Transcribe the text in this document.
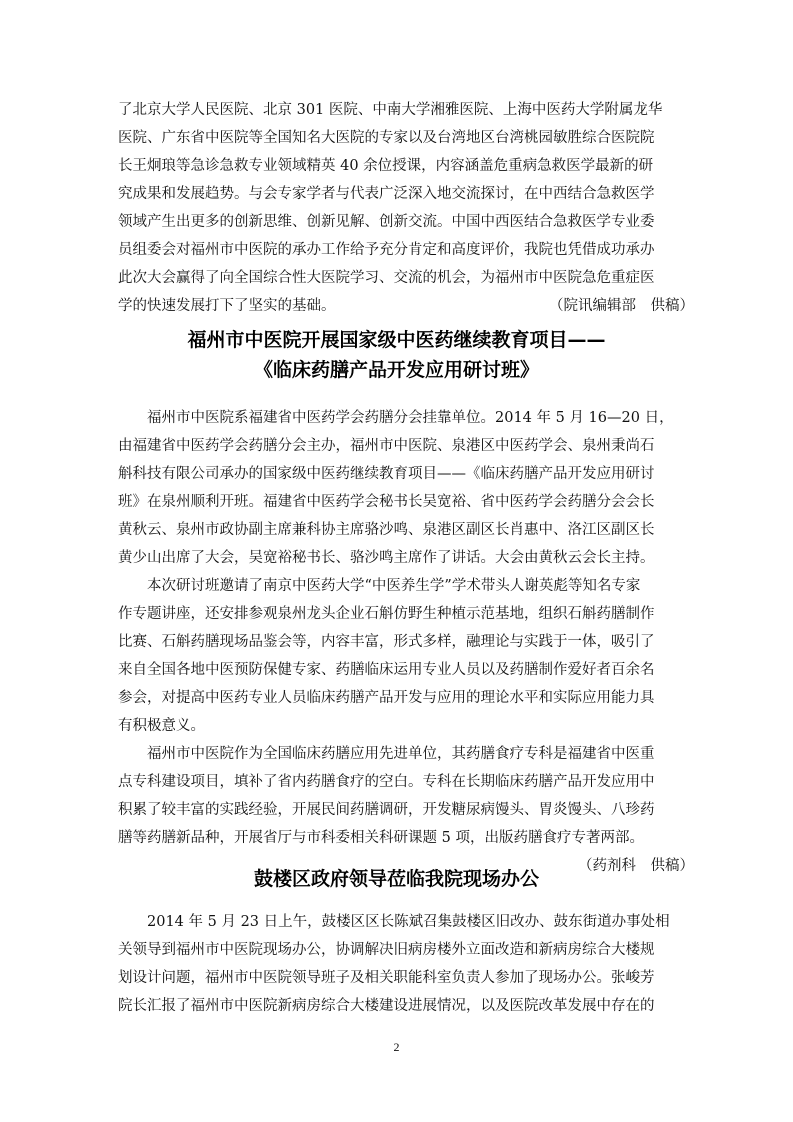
了北京大学人民医院、北京 301 医院、中南大学湘雅医院、上海中医药大学附属龙华
医院、广东省中医院等全国知名大医院的专家以及台湾地区台湾桃园敏胜综合医院院
长王炯琅等急诊急救专业领域精英 40 余位授课，内容涵盖危重病急救医学最新的研
究成果和发展趋势。与会专家学者与代表广泛深入地交流探讨，在中西结合急救医学
领域产生出更多的创新思维、创新见解、创新交流。中国中西医结合急救医学专业委
员组委会对福州市中医院的承办工作给予充分肯定和高度评价，我院也凭借成功承办
此次大会赢得了向全国综合性大医院学习、交流的机会，为福州市中医院急危重症医
学的快速发展打下了坚实的基础。	（院讯编辑部　供稿）
福州市中医院开展国家级中医药继续教育项目——
《临床药膳产品开发应用研讨班》
福州市中医院系福建省中医药学会药膳分会挂靠单位。2014 年 5 月 16—20 日，
由福建省中医药学会药膳分会主办，福州市中医院、泉港区中医药学会、泉州秉尚石
斛科技有限公司承办的国家级中医药继续教育项目——《临床药膳产品开发应用研讨
班》在泉州顺利开班。福建省中医药学会秘书长吴宽裕、省中医药学会药膳分会会长
黄秋云、泉州市政协副主席兼科协主席骆沙鸣、泉港区副区长肖惠中、洛江区副区长
黄少山出席了大会，吴宽裕秘书长、骆沙鸣主席作了讲话。大会由黄秋云会长主持。
本次研讨班邀请了南京中医药大学“中医养生学”学术带头人谢英彪等知名专家
作专题讲座，还安排参观泉州龙头企业石斛仿野生种植示范基地，组织石斛药膳制作
比赛、石斛药膳现场品鉴会等，内容丰富，形式多样，融理论与实践于一体，吸引了
来自全国各地中医预防保健专家、药膳临床运用专业人员以及药膳制作爱好者百余名
参会，对提高中医药专业人员临床药膳产品开发与应用的理论水平和实际应用能力具
有积极意义。
福州市中医院作为全国临床药膳应用先进单位，其药膳食疗专科是福建省中医重
点专科建设项目，填补了省内药膳食疗的空白。专科在长期临床药膳产品开发应用中
积累了较丰富的实践经验，开展民间药膳调研，开发糖尿病馒头、胃炎馒头、八珍药
膳等药膳新品种，开展省厅与市科委相关科研课题 5 项，出版药膳食疗专著两部。
（药剂科　供稿）
鼓楼区政府领导莅临我院现场办公
2014 年 5 月 23 日上午，鼓楼区区长陈斌召集鼓楼区旧改办、鼓东街道办事处相
关领导到福州市中医院现场办公，协调解决旧病房楼外立面改造和新病房综合大楼规
划设计问题，福州市中医院领导班子及相关职能科室负责人参加了现场办公。张峻芳
院长汇报了福州市中医院新病房综合大楼建设进展情况，以及医院改革发展中存在的
2
